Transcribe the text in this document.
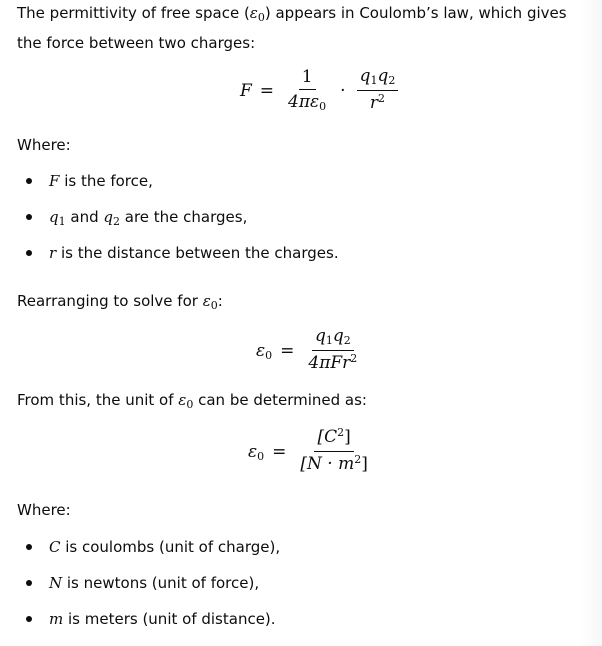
The permittivity of free space $(\varepsilon_0)$ appears in Coulomb’s law, which gives the force between two charges:

$F = \frac{1}{4\pi\varepsilon 0} \cdot \frac{q1q2}{r^2}$
Where:
F is the force,
$q_1$ and $q_2$ are the charges,
r is the distance between the charges.
Rearranging to solve for $\varepsilon_0$:
$\varepsilon 0 = \frac{q1q2}{4\pi Fr^2}$
From this, the unit of $\varepsilon_0$ can be determined as:
$\varepsilon 0 = \frac{[C^2]}{[N \cdot m^2]}$
Where:
C is coulombs (unit of charge),
N is newtons (unit of force),
m is meters (unit of distance).
